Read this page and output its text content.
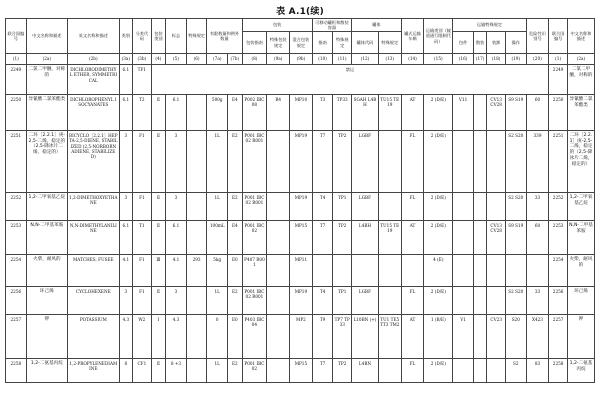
表 A.1(续)
联合国编号	中文名称和描述	英文名称和描述	类别	分类代码	包装类别	标志	特殊规定	有限数量和例外数量		包装			可移动罐柜和散装容器		罐体		罐式运输车辆	运输类别（隧道通行限制代码）	运输特殊规定				危险性识别号	联合国编号	中文名称和描述
										包装指南	特殊包装规定	混合包装规定	指南	特殊规定	罐体代码	特殊规定			包件	散装	装卸	操作			
(1)	(2a)	(2b)	(3a)	(3b)	(4)	(5)	(6)	(7a)	(7b)	(8)	(9a)	(9b)	(10)	(11)	(12)	(13)	(14)	(15)	(16)	(17)	(18)	(19)	(20)	(1)	(2a)
2249	二氯二甲醚，对称的	DICHLORODIMETHYL ETHER, SYMMETRICAL	6.1	TF1	禁运																			2249	二氯二甲醚，对称的
2250	异氰酸二氯苯酯类	DICHLOROPHENYL ISOCYANATES	6.1	T2	Ⅱ	6.1		500g	E4	P002 IBC08	B4	MP10	T3	TP33	SGAH L4BH	TU15 TE19	AT	2 (D/E)	V11		CV13 CV28	S9 S19	60	2250	异氰酸二氯苯酯类
2251	二环［2.2.1］庚-2,5-二烯，稳定的（2,5-降冰片二烯，稳定的）	BICYCLO［2.2.1］HEPTA-2,5-DIENE, STABILIZED (2,5-NORBORNADIENE, STABILIZED)	3	F1	Ⅱ	3		1L	E2	P001 IBC02 R001		MP19	T7	TP2	LGBF		FL	2 (D/E)				S2 S20	339	2251	二环［2.2.1］庚-2,5-二烯，稳定的（2,5-降冰片二烯，稳定的）
2252	1,2-二甲氧基乙烷	1,2-DIMETHOXYETHANE	3	F1	Ⅱ	3		1L	E2	P001 IBC02 R001		MP19	T4	TP1	LGBF		FL	2 (D/E)				S2 S20	33	2252	1,2-二甲氧基乙烷
2253	N,N-二甲基苯胺	N,N-DIMETHYLANILINE	6.1	T1	Ⅱ	6.1		100mL	E4	P001 IBC02		MP15	T7	TP2	L4BH	TU15 TE19	AT	2 (D/E)			CV13 CV28	S9 S19	60	2253	N,N-二甲基苯胺
2254	火柴，耐风的	MATCHES, FUSEE	4.1	F1	Ⅲ	4.1	293	5kg	E0	P407 R001		MP11						4 (E)						2254	火柴，耐风的
2256	环己烯	CYCLOHEXENE	3	F1	Ⅱ	3		1L	E2	P001 IBC02 R001		MP19	T4	TP1	LGBF		FL	2 (D/E)				S2 S20	33	2256	环己烯
2257	钾	POTASSIUM	4.3	W2	Ⅰ	4.3		0	E0	P403 IBC04		MP2	T9	TP7 TP33	L10BN (+)	TU1 TE5 TT3 TM2	AT	1 (B/E)	V1		CV23	S20	X423	2257	钾
2258	1,2-二氨基丙烷	1,2-PROPYLENEDIAMINE	8	CF1	Ⅱ	8 +3		1L	E2	P001 IBC02		MP15	T7	TP2	L4BN		FL	2 (D/E)				S2	83	2258	1,2-二氨基丙烷
